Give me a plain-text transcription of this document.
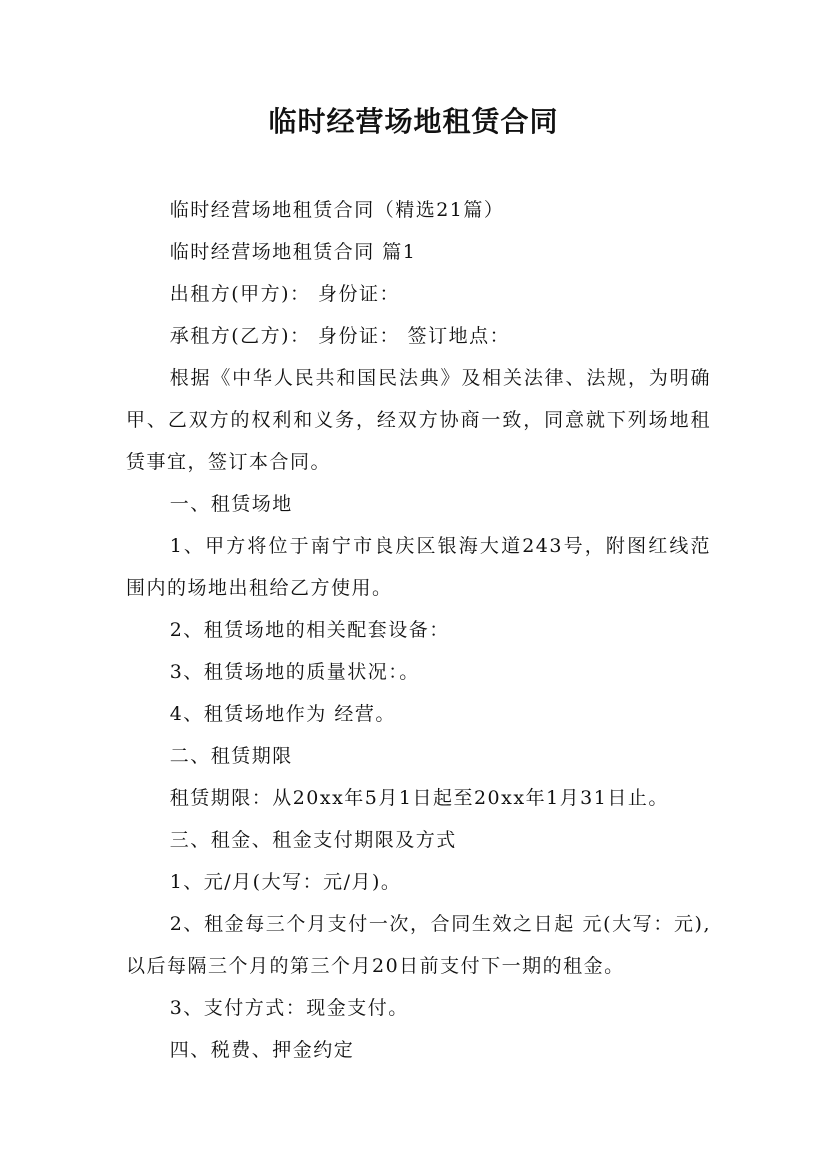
临时经营场地租赁合同

临时经营场地租赁合同（精选21篇）

临时经营场地租赁合同 篇1

出租方(甲方)： 身份证：

承租方(乙方)： 身份证： 签订地点：

根据《中华人民共和国民法典》及相关法律、法规，为明确甲、乙双方的权利和义务，经双方协商一致，同意就下列场地租赁事宜，签订本合同。

一、租赁场地

1、甲方将位于南宁市良庆区银海大道243号，附图红线范围内的场地出租给乙方使用。

2、租赁场地的相关配套设备：

3、租赁场地的质量状况：。

4、租赁场地作为 经营。

二、租赁期限

租赁期限：从20xx年5月1日起至20xx年1月31日止。

三、租金、租金支付期限及方式

1、元/月(大写：元/月)。

2、租金每三个月支付一次，合同生效之日起 元(大写：元),以后每隔三个月的第三个月20日前支付下一期的租金。

3、支付方式：现金支付。

四、税费、押金约定
